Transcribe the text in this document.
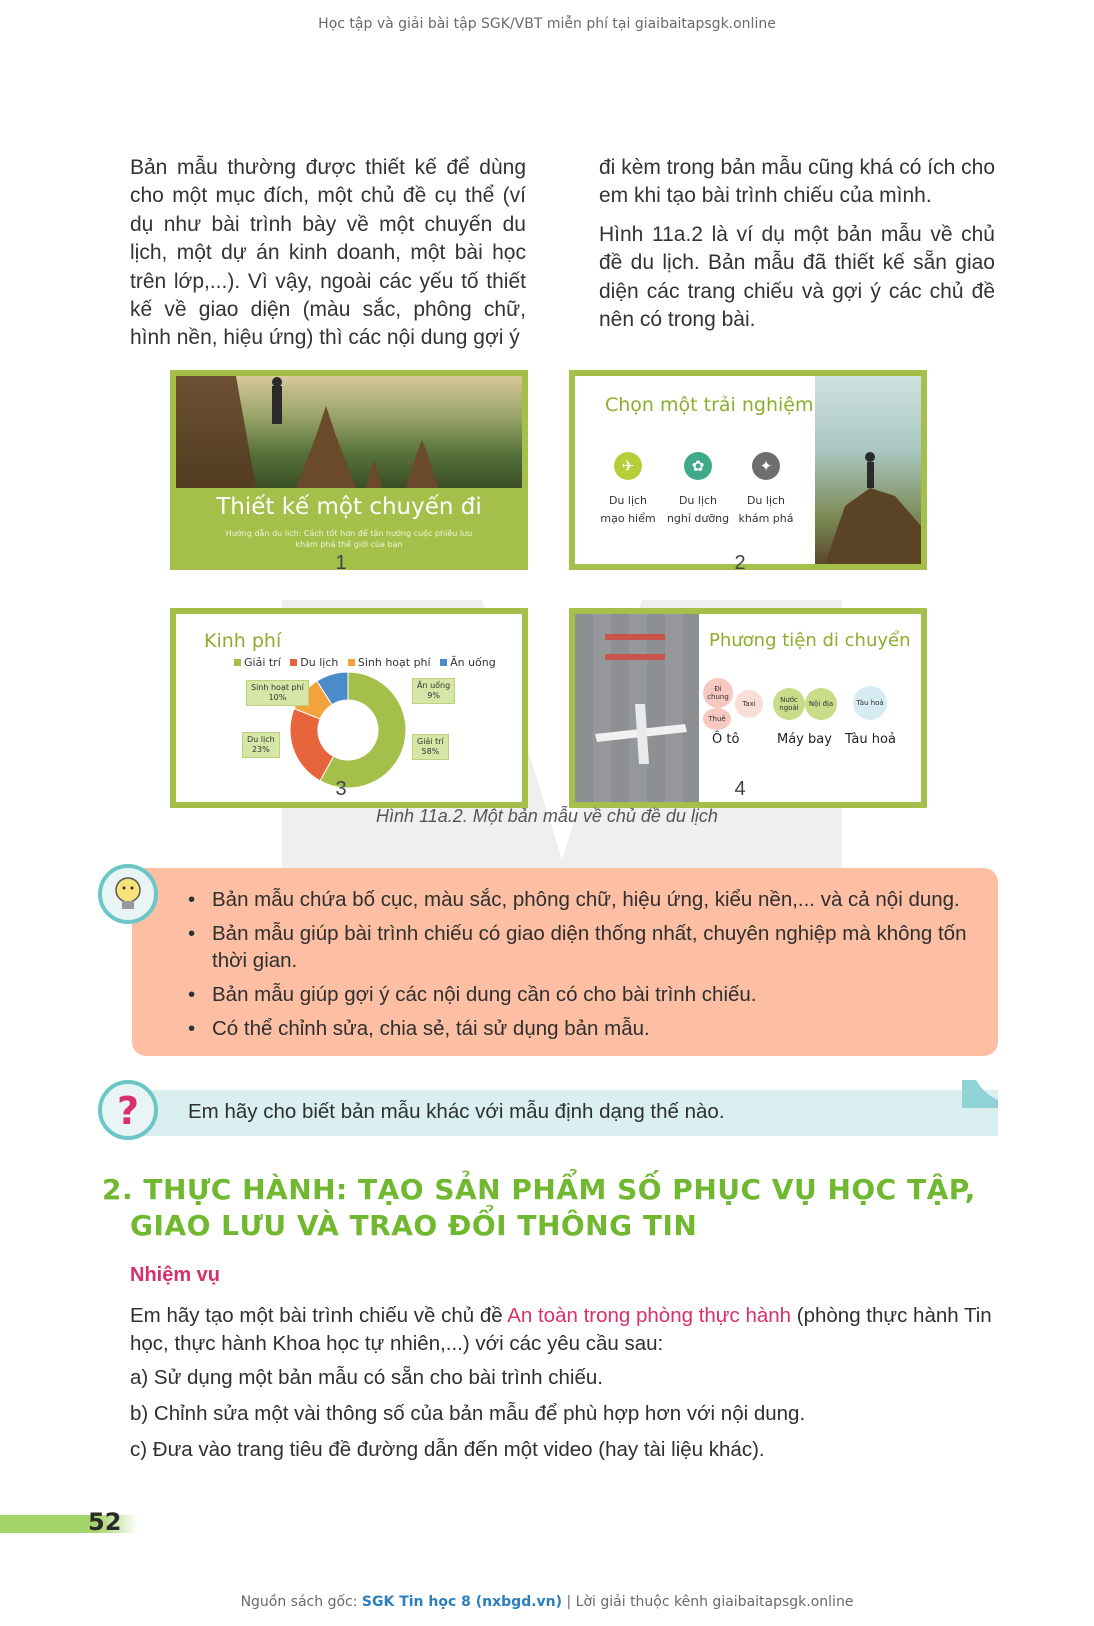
Học tập và giải bài tập SGK/VBT miễn phí tại giaibaitapsgk.online

Bản mẫu thường được thiết kế để dùng cho một mục đích, một chủ đề cụ thể (ví dụ như bài trình bày về một chuyến du lịch, một dự án kinh doanh, một bài học trên lớp,...). Vì vậy, ngoài các yếu tố thiết kế về giao diện (màu sắc, phông chữ, hình nền, hiệu ứng) thì các nội dung gợi ý

đi kèm trong bản mẫu cũng khá có ích cho em khi tạo bài trình chiếu của mình.

Hình 11a.2 là ví dụ một bản mẫu về chủ đề du lịch. Bản mẫu đã thiết kế sẵn giao diện các trang chiếu và gợi ý các chủ đề nên có trong bài.

Thiết kế một chuyến đi
Hướng dẫn du lịch: Cách tốt hơn để tận hưởng cuộc phiêu lưu khám phá thế giới của bạn
1
Chọn một trải nghiệm
✈
Du lịch
mạo hiểm
✿
Du lịch
nghỉ dưỡng
✦
Du lịch
khám phá
2
Kinh phí
Giải trí Du lịch Sinh hoạt phí Ăn uống
Sinh hoạt phí
10%
Ăn uống
9%
Du lịch
23%
Giải trí
58%
3
Phương tiện di chuyển
Đi chung
Thuê
Taxi	Nước ngoài	Nội địa	Tàu hoả
Ô tô	Máy bay Tàu hoả
4
Hình 11a.2. Một bản mẫu về chủ đề du lịch
• Bản mẫu chứa bố cục, màu sắc, phông chữ, hiệu ứng, kiểu nền,... và cả nội dung.
• Bản mẫu giúp bài trình chiếu có giao diện thống nhất, chuyên nghiệp mà không tốn thời gian.
• Bản mẫu giúp gợi ý các nội dung cần có cho bài trình chiếu.
• Có thể chỉnh sửa, chia sẻ, tái sử dụng bản mẫu.
Em hãy cho biết bản mẫu khác với mẫu định dạng thế nào.
?
2. THỰC HÀNH: TẠO SẢN PHẨM SỐ PHỤC VỤ HỌC TẬP,
GIAO LƯU VÀ TRAO ĐỔI THÔNG TIN
Nhiệm vụ

Em hãy tạo một bài trình chiếu về chủ đề An toàn trong phòng thực hành (phòng thực hành Tin học, thực hành Khoa học tự nhiên,...) với các yêu cầu sau:

a) Sử dụng một bản mẫu có sẵn cho bài trình chiếu.
b) Chỉnh sửa một vài thông số của bản mẫu để phù hợp hơn với nội dung.
c) Đưa vào trang tiêu đề đường dẫn đến một video (hay tài liệu khác).
52
Nguồn sách gốc: SGK Tin học 8 (nxbgd.vn) | Lời giải thuộc kênh giaibaitapsgk.online
